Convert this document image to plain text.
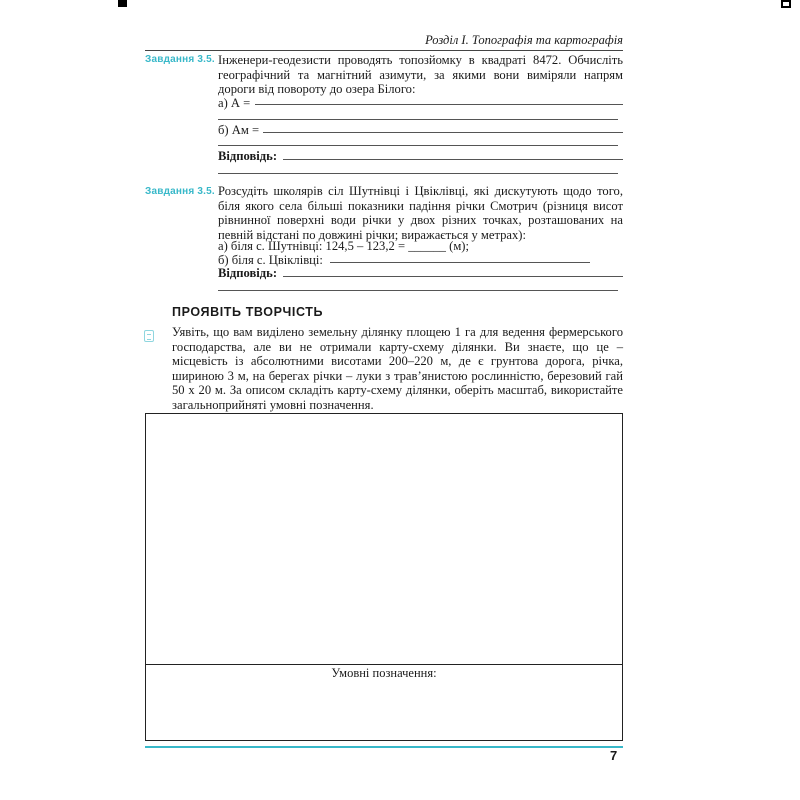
Розділ І. Топографія та картографія
Завдання 3.5. Інженери-геодезисти проводять топозйомку в квадраті 8472. Обчисліть географічний та магнітний азимути, за якими вони виміряли напрям дороги від повороту до озера Білого:
а) А =
б) Ам =
Відповідь:
Завдання 3.5. Розсудіть школярів сіл Шутнівці і Цвіклівці, які дискутують щодо того, біля якого села більші показники падіння річки Смотрич (різниця висот рівнинної поверхні води річки у двох різних точках, розташованих на певній відстані по довжині річки; виражається у метрах):
а) біля с. Шутнівці: 124,5 – 123,2 = ______ (м);
б) біля с. Цвіклівці:
Відповідь:
ПРОЯВІТЬ ТВОРЧІСТЬ
Уявіть, що вам виділено земельну ділянку площею 1 га для ведення фермерського господарства, але ви не отримали карту-схему ділянки. Ви знаєте, що це – місцевість із абсолютними висотами 200–220 м, де є грунтова дорога, річка, шириною 3 м, на берегах річки – луки з трав’янистою рослинністю, березовий гай 50 х 20 м. За описом складіть карту-схему ділянки, оберіть масштаб, використайте загальноприйняті умовні позначення.
Умовні позначення:
7
